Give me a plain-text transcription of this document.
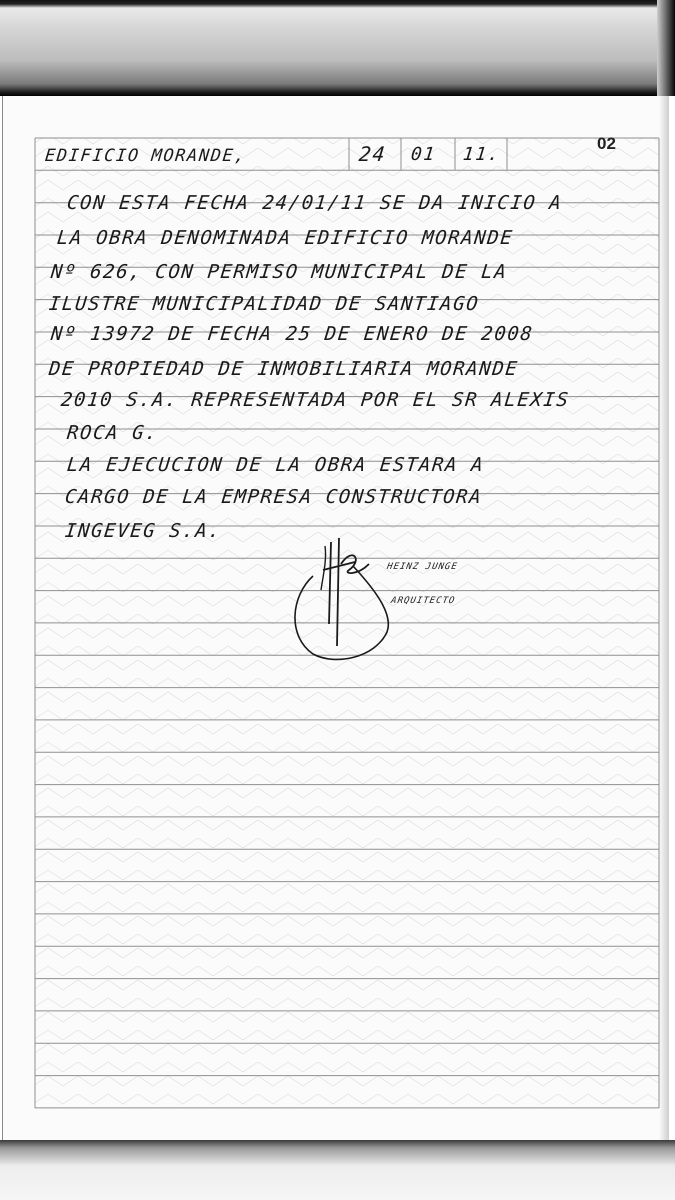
EDIFICIO MORANDE,	24 01 11.
02
CON ESTA FECHA 24/01/11 SE DA INICIO A
LA OBRA DENOMINADA EDIFICIO MORANDE
Nº 626, CON PERMISO MUNICIPAL DE LA
ILUSTRE MUNICIPALIDAD DE SANTIAGO
Nº 13972 DE FECHA 25 DE ENERO DE 2008
DE PROPIEDAD DE INMOBILIARIA MORANDE
2010 S.A. REPRESENTADA POR EL SR ALEXIS
ROCA G.
LA EJECUCION DE LA OBRA ESTARA A
CARGO DE LA EMPRESA CONSTRUCTORA
INGEVEG S.A.
HEINZ JUNGE
ARQUITECTO
